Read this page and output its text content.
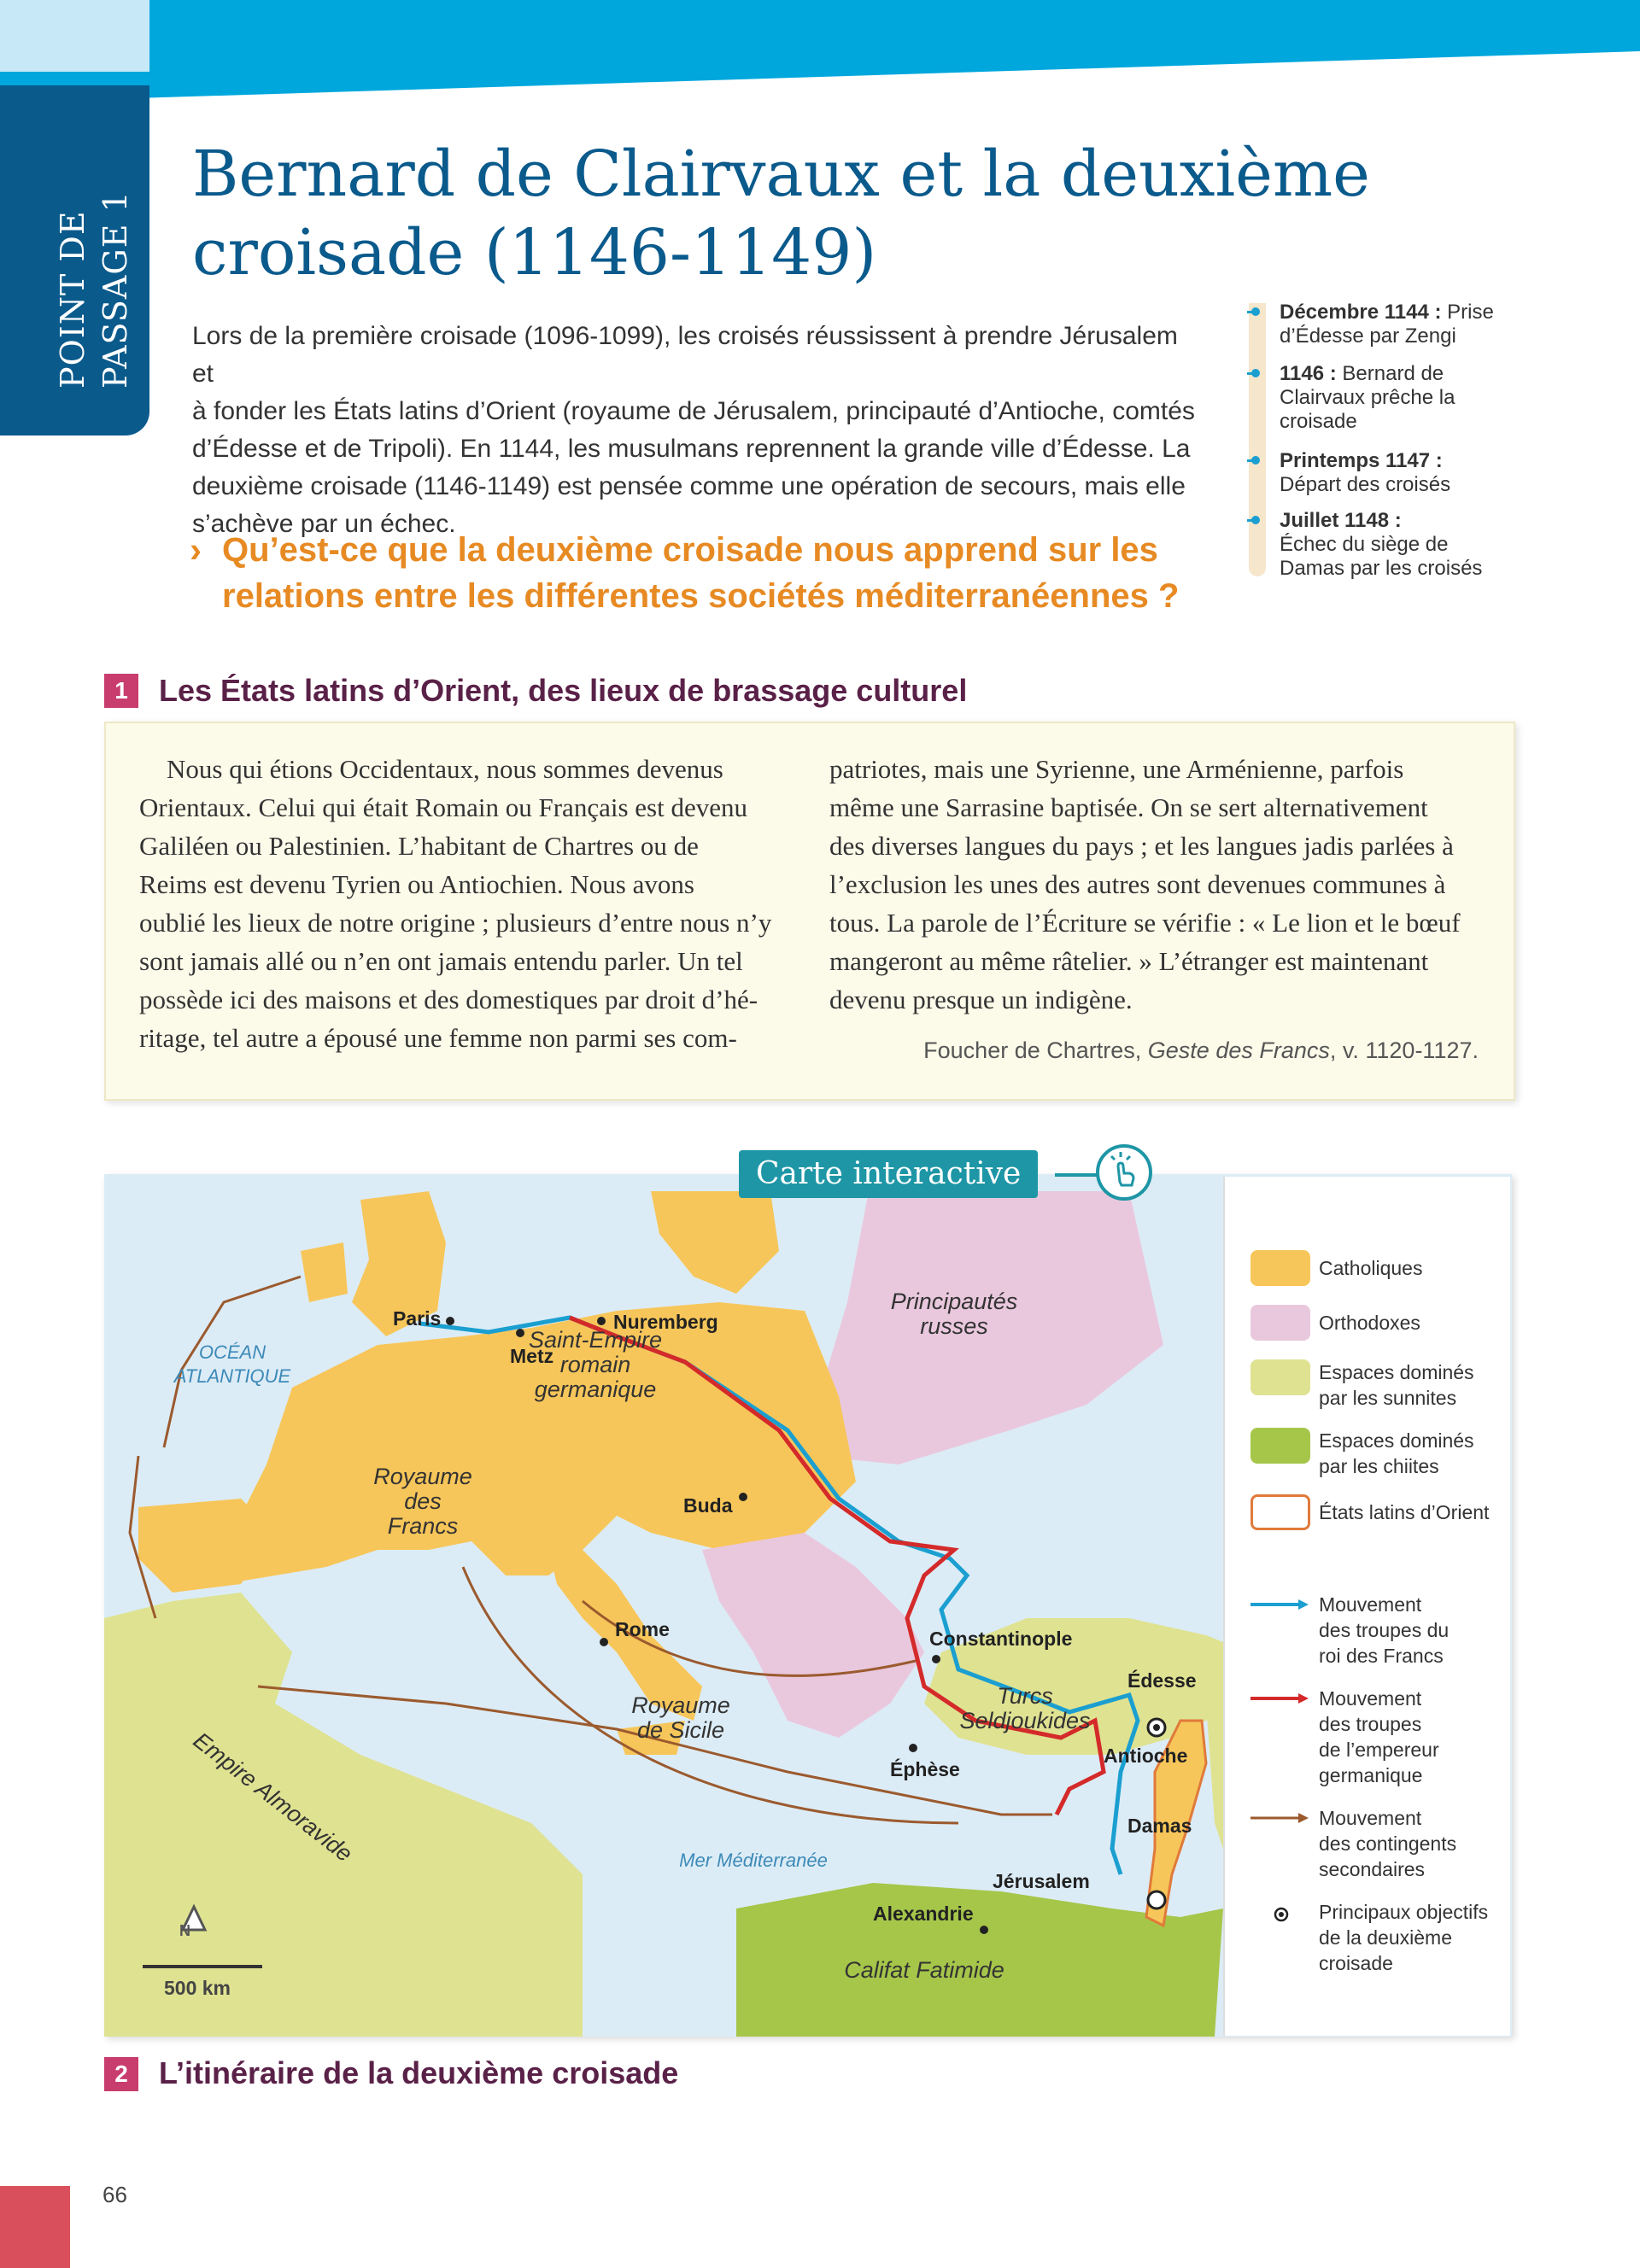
POINT DE PASSAGE 1
Bernard de Clairvaux et la deuxième
croisade (1146-1149)
Lors de la première croisade (1096-1099), les croisés réussissent à prendre Jérusalem et
à fonder les États latins d’Orient (royaume de Jérusalem, principauté d’Antioche, comtés
d’Édesse et de Tripoli). En 1144, les musulmans reprennent la grande ville d’Édesse. La
deuxième croisade (1146-1149) est pensée comme une opération de secours, mais elle
s’achève par un échec.
› Qu’est-ce que la deuxième croisade nous apprend sur les
relations entre les différentes sociétés méditerranéennes ?
Décembre 1144 : Prise
d’Édesse par Zengi
1146 : Bernard de
Clairvaux prêche la croisade
Printemps 1147 :
Départ des croisés
Juillet 1148 :
Échec du siège de Damas par les croisés
1	Les États latins d’Orient, des lieux de brassage culturel
Nous qui étions Occidentaux, nous sommes devenus
Orientaux. Celui qui était Romain ou Français est devenu
Galiléen ou Palestinien. L’habitant de Chartres ou de
Reims est devenu Tyrien ou Antiochien. Nous avons
oublié les lieux de notre origine ; plusieurs d’entre nous n’y
sont jamais allé ou n’en ont jamais entendu parler. Un tel
possède ici des maisons et des domestiques par droit d’hé-
ritage, tel autre a épousé une femme non parmi ses com-
patriotes, mais une Syrienne, une Arménienne, parfois
même une Sarrasine baptisée. On se sert alternativement
des diverses langues du pays ; et les langues jadis parlées à
l’exclusion les unes des autres sont devenues communes à
tous. La parole de l’Écriture se vérifie : « Le lion et le bœuf
mangeront au même râtelier. » L’étranger est maintenant
devenu presque un indigène.
Foucher de Chartres, Geste des Francs, v. 1120-1127.
OCÉAN
ATLANTIQUE
Mer Méditerranée
Saint-Empire
romain
germanique
Royaume
des
Francs
Royaume
de Sicile
Turcs
Seldjoukides
Principautés
russes
Califat Fatimide
Empire Almoravide
Paris
Metz
Nuremberg
Buda
Rome	Constantinople
Édesse
Antioche
Damas
Éphèse
Jérusalem
Alexandrie
N
500 km
Catholiques
Orthodoxes
Espaces dominés
par les sunnites
Espaces dominés
par les chiites
États latins d’Orient
Mouvement
des troupes du
roi des Francs
Mouvement
des troupes
de l’empereur
germanique
Mouvement
des contingents
secondaires
Principaux objectifs
de la deuxième
croisade
Carte interactive
2	L’itinéraire de la deuxième croisade
66
